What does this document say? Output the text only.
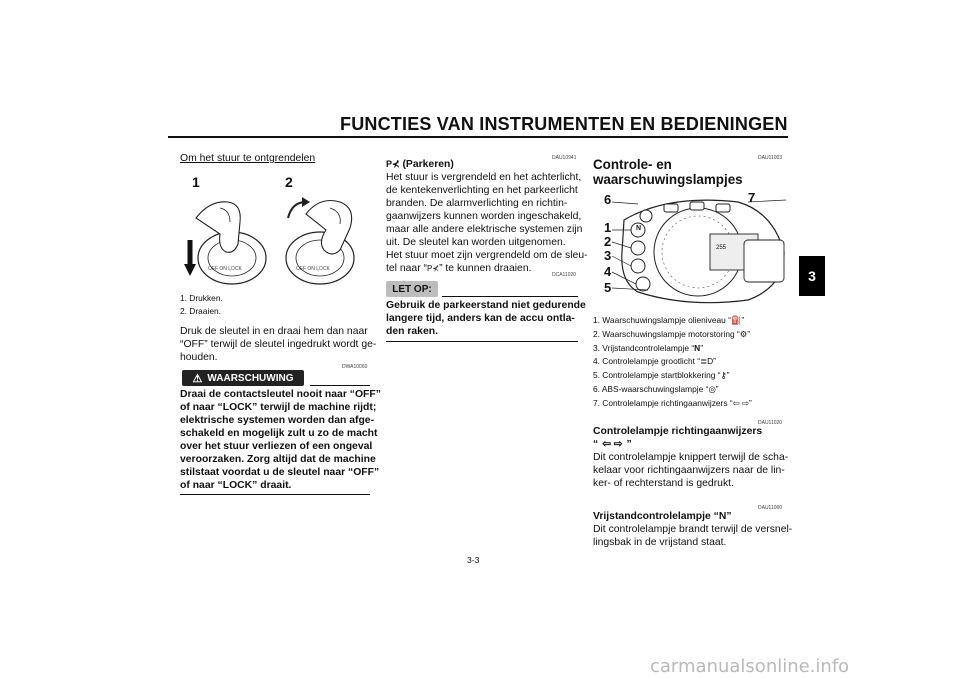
FUNCTIES VAN INSTRUMENTEN EN BEDIENINGEN
3
Om het stuur te ontgrendelen
1	2
OFF ON LOCK	OFF ON LOCK
1. Drukken.
2. Draaien.
Druk de sleutel in en draai hem dan naar
“OFF” terwijl de sleutel ingedrukt wordt ge-
houden.
DWA10060
⚠ WAARSCHUWING
Draai de contactsleutel nooit naar “OFF”
of naar “LOCK” terwijl de machine rijdt;
elektrische systemen worden dan afge-
schakeld en mogelijk zult u zo de macht
over het stuur verliezen of een ongeval
veroorzaken. Zorg altijd dat de machine
stilstaat voordat u de sleutel naar “OFF”
of naar “LOCK” draait.
DAU10941
P⊀ (Parkeren)
Het stuur is vergrendeld en het achterlicht,
de kentekenverlichting en het parkeerlicht
branden. De alarmverlichting en richtin-
gaanwijzers kunnen worden ingeschakeld,
maar alle andere elektrische systemen zijn
uit. De sleutel kan worden uitgenomen.
Het stuur moet zijn vergrendeld om de sleu-
tel naar “P⊀” te kunnen draaien.
DCA11020
LET OP:
Gebruik de parkeerstand niet gedurende
langere tijd, anders kan de accu ontla-
den raken.
DAU11003
Controle- en
waarschuwingslampjes
255
N
6	7
1
2
3
4
5
1. Waarschuwingslampje olieniveau “⛽”
2. Waarschuwingslampje motorstoring “⚙”
3. Vrijstandcontrolelampje “N”
4. Controlelampje grootlicht “≣D”
5. Controlelampje startblokkering “⚷”
6. ABS-waarschuwingslampje “◎”
7. Controlelampje richtingaanwijzers “⇦ ⇨”
DAU11020
Controlelampje richtingaanwijzers
“ ⇦ ⇨ ”
Dit controlelampje knippert terwijl de scha-
kelaar voor richtingaanwijzers naar de lin-
ker- of rechterstand is gedrukt.
DAU11060
Vrijstandcontrolelampje “N”
Dit controlelampje brandt terwijl de versnel-
lingsbak in de vrijstand staat.
3-3
carmanualsonline.info
